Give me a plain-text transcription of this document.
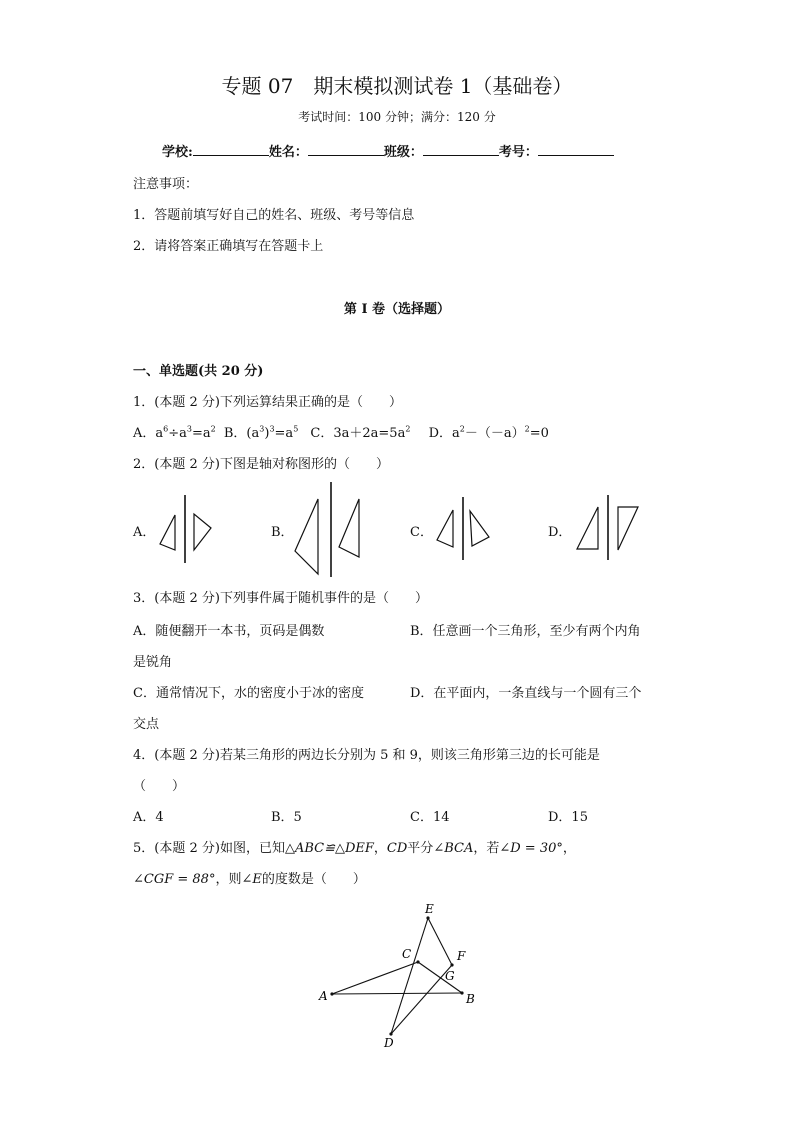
专题 07　期末模拟测试卷 1（基础卷）
考试时间：100 分钟；满分：120 分
学校:	姓名：	班级：	考号：
注意事项：
1．答题前填写好自己的姓名、班级、考号等信息
2．请将答案正确填写在答题卡上
第 I 卷（选择题）
一、单选题(共 20 分)
1．(本题 2 分)下列运算结果正确的是（　　）
A．$a^6\div a^3=a^2$ B．$(a^3)^3=a^5$ C．$3a+2a=5a^2$ D．$a^2-(-a)^2=0$
2．(本题 2 分)下图是轴对称图形的（　　）
A．	B．	C．	D．
3．(本题 2 分)下列事件属于随机事件的是（　　）
A．随便翻开一本书，页码是偶数	B．任意画一个三角形，至少有两个内角
是锐角
C．通常情况下，水的密度小于冰的密度	D．在平面内，一条直线与一个圆有三个
交点
4．(本题 2 分)若某三角形的两边长分别为 5 和 9，则该三角形第三边的长可能是
（　　）
A．4	B．5	C．14	D．15
5．(本题 2 分)如图，已知△ABC≌△DEF，CD平分∠BCA，若∠D = 30°，
∠CGF = 88°，则∠E的度数是（　　）
E
C	F
G
A	B
D
